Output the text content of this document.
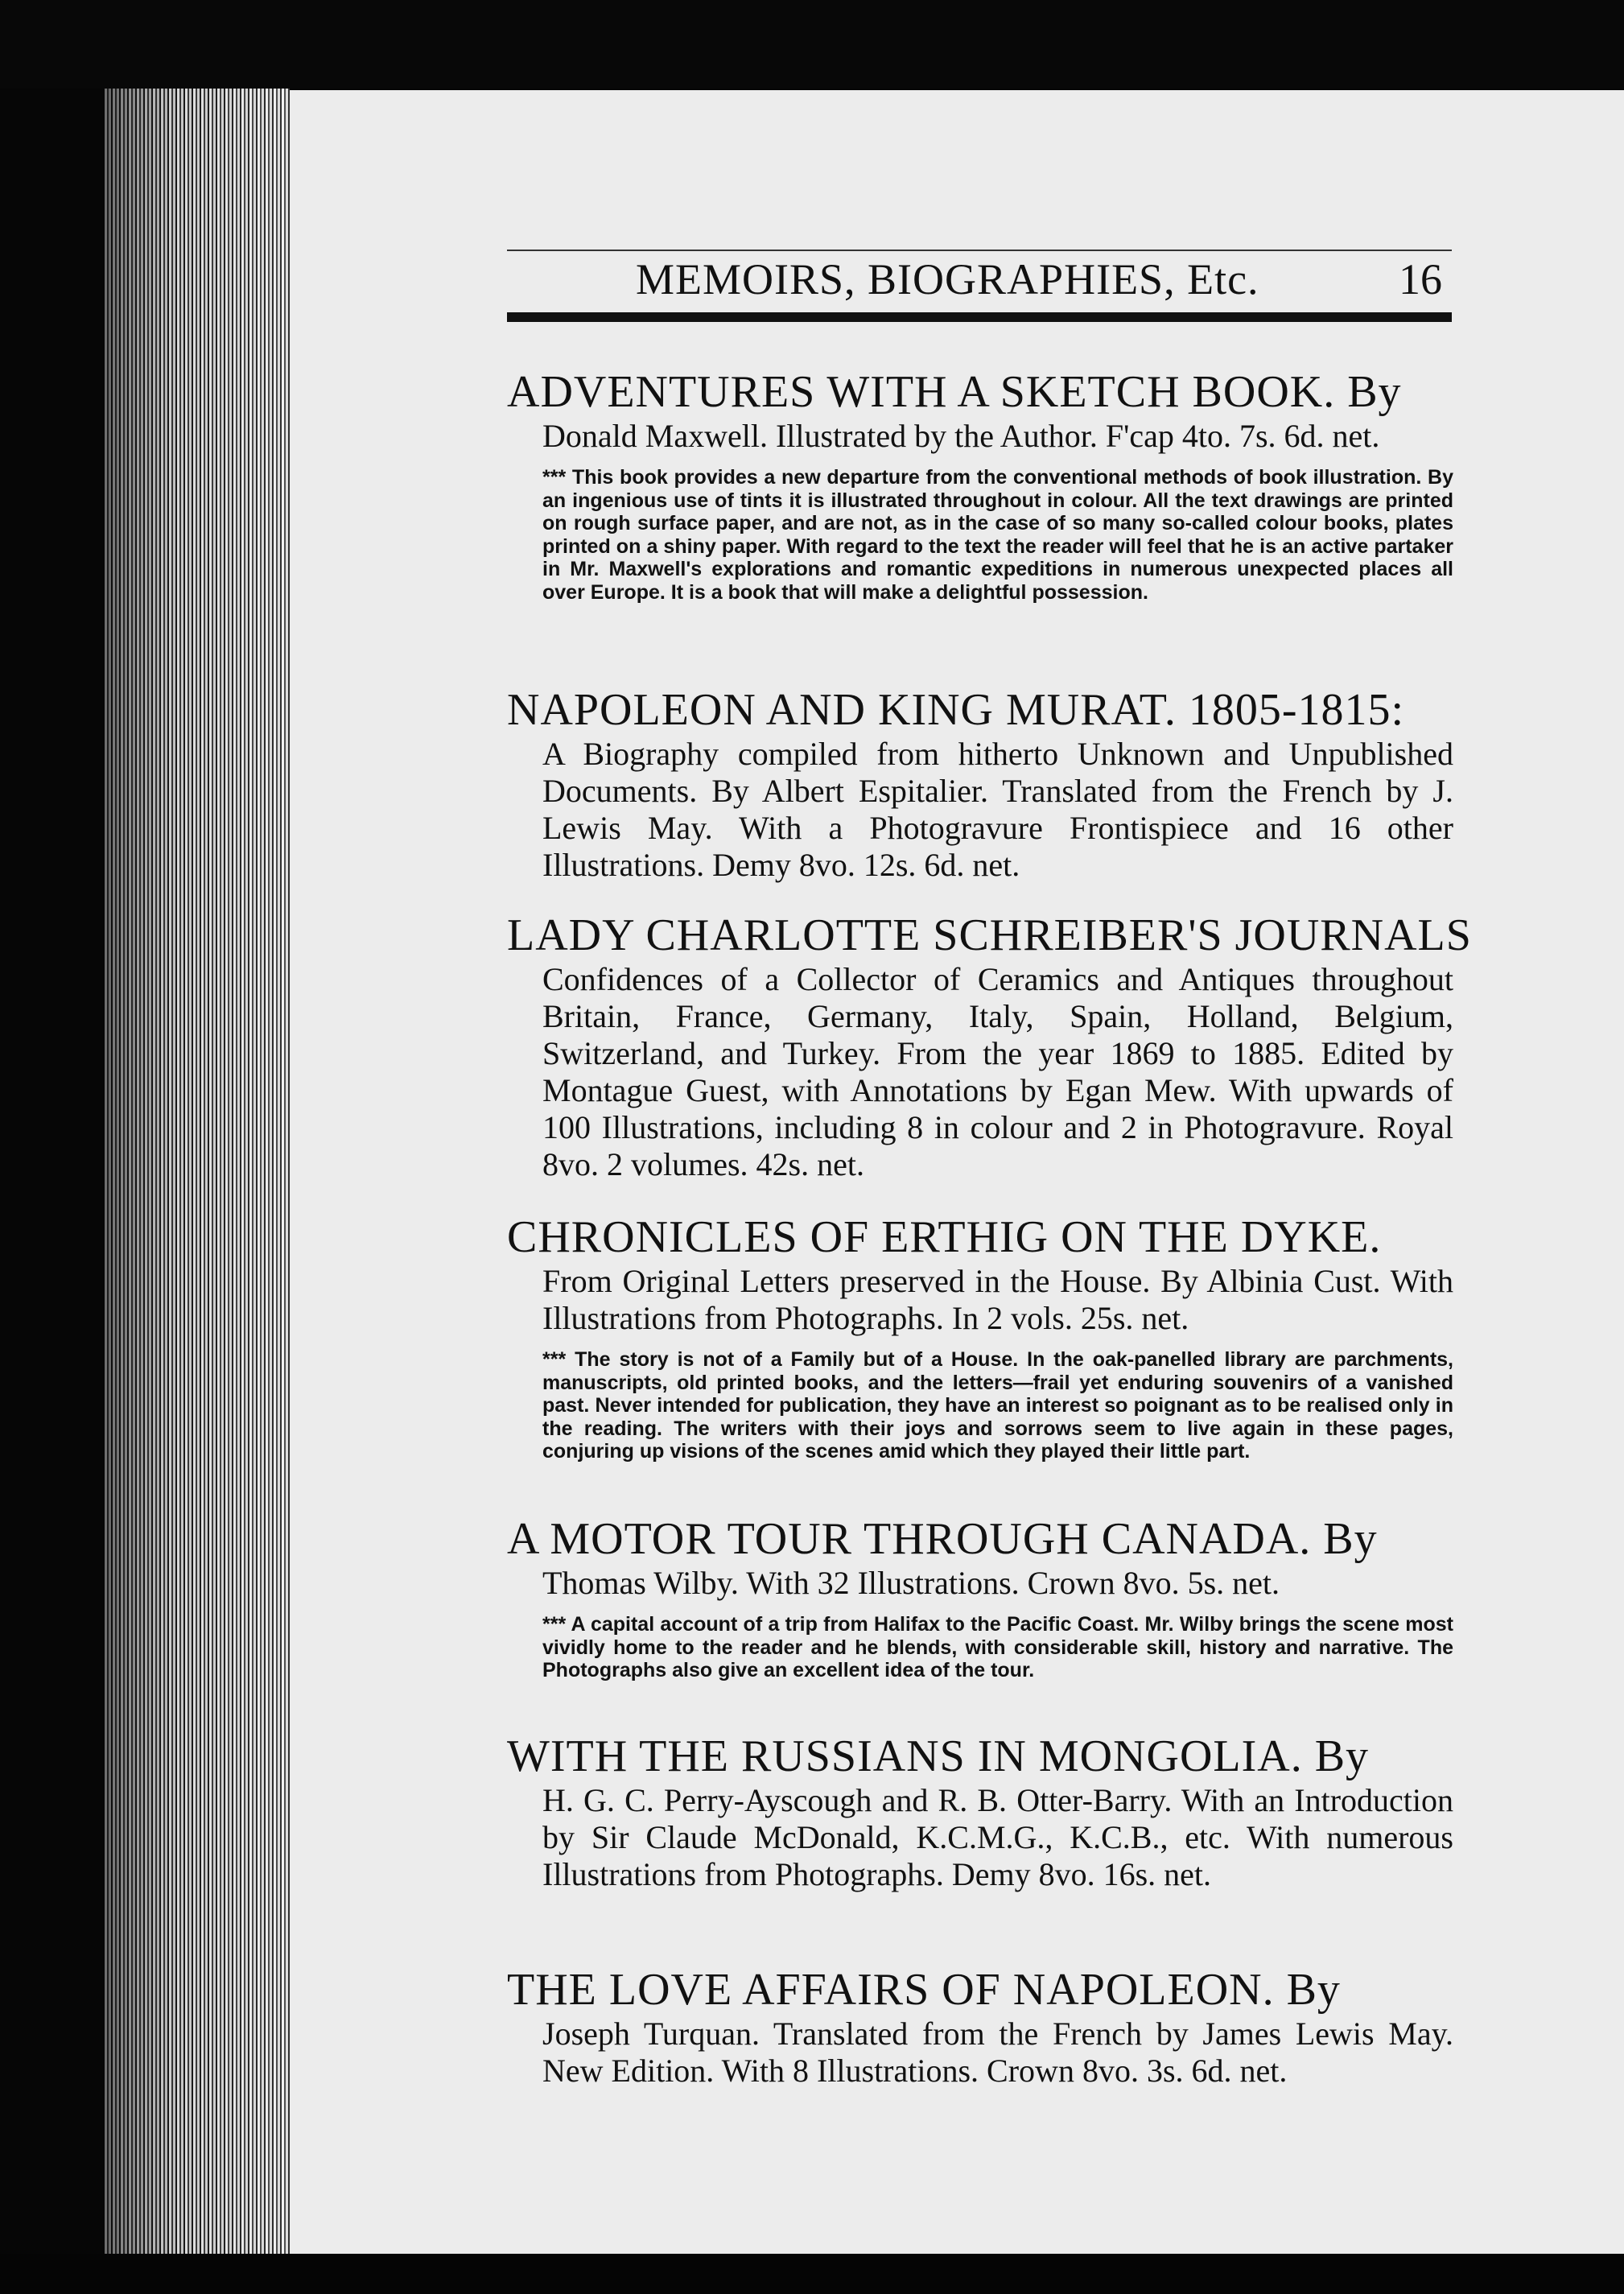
MEMOIRS, BIOGRAPHIES, Etc.	16
ADVENTURES WITH A SKETCH BOOK. By
Donald Maxwell. Illustrated by the Author. F'cap 4to. 7s. 6d. net.
*** This book provides a new departure from the conventional methods of book illustration. By an ingenious use of tints it is illustrated throughout in colour. All the text drawings are printed on rough surface paper, and are not, as in the case of so many so-called colour books, plates printed on a shiny paper. With regard to the text the reader will feel that he is an active partaker in Mr. Maxwell's explorations and romantic expeditions in numerous unexpected places all over Europe. It is a book that will make a delightful possession.
NAPOLEON AND KING MURAT. 1805-1815:
A Biography compiled from hitherto Unknown and Unpublished Documents. By Albert Espitalier. Translated from the French by J. Lewis May. With a Photogravure Frontispiece and 16 other Illustrations. Demy 8vo. 12s. 6d. net.
LADY CHARLOTTE SCHREIBER'S JOURNALS
Confidences of a Collector of Ceramics and Antiques throughout Britain, France, Germany, Italy, Spain, Holland, Belgium, Switzerland, and Turkey. From the year 1869 to 1885. Edited by Montague Guest, with Annotations by Egan Mew. With upwards of 100 Illustrations, including 8 in colour and 2 in Photogravure. Royal 8vo. 2 volumes. 42s. net.
CHRONICLES OF ERTHIG ON THE DYKE.
From Original Letters preserved in the House. By Albinia Cust. With Illustrations from Photographs. In 2 vols. 25s. net.
*** The story is not of a Family but of a House. In the oak-panelled library are parchments, manuscripts, old printed books, and the letters—frail yet enduring souvenirs of a vanished past. Never intended for publication, they have an interest so poignant as to be realised only in the reading. The writers with their joys and sorrows seem to live again in these pages, conjuring up visions of the scenes amid which they played their little part.
A MOTOR TOUR THROUGH CANADA. By
Thomas Wilby. With 32 Illustrations. Crown 8vo. 5s. net.
*** A capital account of a trip from Halifax to the Pacific Coast. Mr. Wilby brings the scene most vividly home to the reader and he blends, with considerable skill, history and narrative. The Photographs also give an excellent idea of the tour.
WITH THE RUSSIANS IN MONGOLIA. By
H. G. C. Perry-Ayscough and R. B. Otter-Barry. With an Introduction by Sir Claude McDonald, K.C.M.G., K.C.B., etc. With numerous Illustrations from Photographs. Demy 8vo. 16s. net.
THE LOVE AFFAIRS OF NAPOLEON. By
Joseph Turquan. Translated from the French by James Lewis May. New Edition. With 8 Illustrations. Crown 8vo. 3s. 6d. net.
